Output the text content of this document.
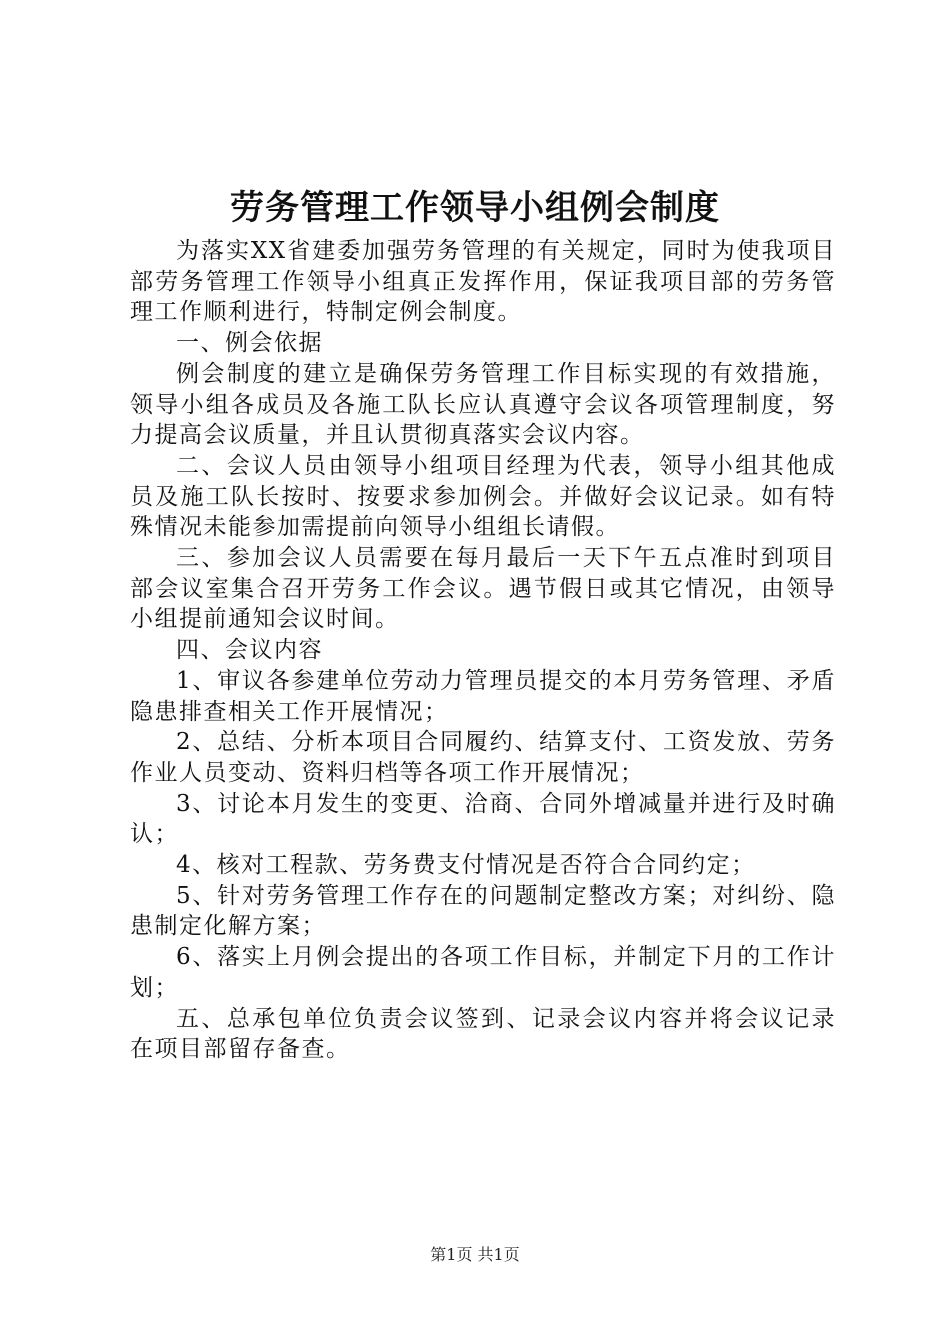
劳务管理工作领导小组例会制度

为落实XX省建委加强劳务管理的有关规定，同时为使我项目部劳务管理工作领导小组真正发挥作用，保证我项目部的劳务管理工作顺利进行，特制定例会制度。

一、例会依据

例会制度的建立是确保劳务管理工作目标实现的有效措施，领导小组各成员及各施工队长应认真遵守会议各项管理制度，努力提高会议质量，并且认贯彻真落实会议内容。

二、会议人员由领导小组项目经理为代表，领导小组其他成员及施工队长按时、按要求参加例会。并做好会议记录。如有特殊情况未能参加需提前向领导小组组长请假。

三、参加会议人员需要在每月最后一天下午五点准时到项目部会议室集合召开劳务工作会议。遇节假日或其它情况，由领导小组提前通知会议时间。

四、会议内容

1、审议各参建单位劳动力管理员提交的本月劳务管理、矛盾隐患排查相关工作开展情况；

2、总结、分析本项目合同履约、结算支付、工资发放、劳务作业人员变动、资料归档等各项工作开展情况；

3、讨论本月发生的变更、洽商、合同外增减量并进行及时确认；

4、核对工程款、劳务费支付情况是否符合合同约定；

5、针对劳务管理工作存在的问题制定整改方案；对纠纷、隐患制定化解方案；

6、落实上月例会提出的各项工作目标，并制定下月的工作计划；

五、总承包单位负责会议签到、记录会议内容并将会议记录在项目部留存备查。

第1页 共1页
